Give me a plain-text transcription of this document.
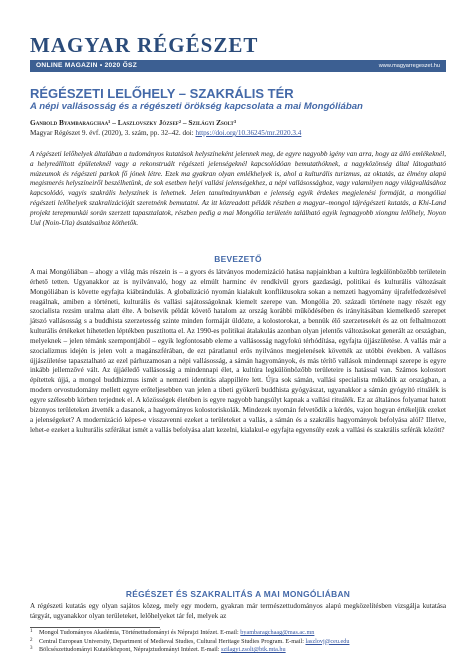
MAGYAR RÉGÉSZET
ONLINE MAGAZIN • 2020 ŐSZ	www.magyarregeszet.hu
RÉGÉSZETI LELŐHELY – SZAKRÁLIS TÉR
A népi vallásosság és a régészeti örökség kapcsolata a mai Mongóliában
Ganbold Byambaragchaa¹ – Laszlovszky József² – Szilágyi Zsolt³
Magyar Régészet 9. évf. (2020), 3. szám, pp. 32–42. doi: https://doi.org/10.36245/mr.2020.3.4

A régészeti lelőhelyek általában a tudományos kutatások helyszíneként jelennek meg, de egyre nagyobb igény van arra, hogy az álló emlékeknél, a helyreállított épületeknél vagy a rekonstruált régészeti jelenségeknél kapcsolódóan bemutathóknek, a nagyközönség által látogatható múzeumok és régészeti parkok fő jónek létre. Ezek ma gyakran olyan emlékhelyek is, ahol a kulturális turizmus, az oktatás, az élmény alapú megismerés helyszíneiről beszélhetünk, de sok esetben helyi vallási jelenségekhez, a népi vallásossághoz, vagy valamilyen nagy világvallásához kapcsolódó, vagyis szakrális helyszínek is lehetnek. Jelen tanulmányunkban e jelenség egyik érdekes megjelenési formáját, a mongóliai régészeti lelőhelyek szakralizációját szeretnénk bemutatni. Az itt közreadott példák részben a magyar–mongol tájrégészeti kutatás, a Khi-Land projekt terepmunkái során szerzett tapasztalatok, részben pedig a mai Mongólia területén található egyik legnagyobb xiongnu lelőhely, Noyon Uul (Noin-Ula) ásatásaihoz köthetők.

BEVEZETŐ

A mai Mongóliában – ahogy a világ más részein is – a gyors és látványos modernizáció hatása napjainkban a kultúra legkülönbözőbb területein érhető tetten. Ugyanakkor az is nyilvánvaló, hogy az elmúlt harminc év rendkívül gyors gazdasági, politikai és kulturális változásait Mongóliában is követte egyfajta kiábrándulás. A globalizáció nyomán kialakult konfliktusokra sokan a nemzeti hagyomány újrafelfedezésével reagálnak, amiben a történeti, kulturális és vallási sajátosságoknak kiemelt szerepe van. Mongólia 20. századi története nagy részét egy szocialista rezsim uralma alatt élte. A bolsevik példát követő hatalom az ország korábbi működésében és irányításában kiemelkedő szerepet játszó vallásosság s a buddhista szerzetesség szinte minden formáját üldözte, a kolostorokat, a bennük élő szerzetesekét és az ott felhalmozott kulturális értékeket hihetetlen léptékben pusztította el. Az 1990-es politikai átalakulás azonban olyan jelentős változásokat generált az országban, melyeknek – jelen témánk szempontjából – egyik legfontosabb eleme a vallásosság nagyfokú térhódítása, egyfajta újjászületése. A vallás már a szocializmus idején is jelen volt a magánszférában, de ezt páratlanul erős nyilvános megjelenések követték az utóbbi években. A vallásos újjászületése tapasztalható az ezel párhuzamosan a népi vallásosság, a sámán hagyományok, és más térítő vallások mindennapi szerepe is egyre inkább jellemzővé vált. Az újjáéledő vallásosság a mindennapi élet, a kultúra legkülönbözőbb területeire is hatással van. Számos kolostort építettek újjá, a mongol buddhizmus ismét a nemzeti identitás alappillére lett. Újra sok sámán, vallási specialista működik az országban, a modern orvostudomány mellett egyre erőteljesebben van jelen a tibeti gyökerű buddhista gyógyászat, ugyanakkor a sámán gyógyító rituálék is egyre szélesebb körben terjednek el. A közösségek életében is egyre nagyobb hangsúlyt kapnak a vallási rituálék. Ez az általános folyamat hatott bizonyos területeken átvették a dasanok, a hagyományos kolostoriskolák. Mindezek nyomán felvetődik a kérdés, vajon hogyan értékeljük ezeket a jelenségeket? A modernizáció képes-e visszavenni ezeket a területeket a vallás, a sámán és a szakrális hagyományok befolyása alól? Illetve, lehet-e ezeket a kulturális szférákat ismét a vallás befolyása alatt kezelni, kialakul-e egyfajta egyensúly ezek a vallási és szakrális szférák között?

RÉGÉSZET ÉS SZAKRALITÁS A MAI MONGÓLIÁBAN

A régészeti kutatás egy olyan sajátos közeg, mely egy modern, gyakran már természettudományos alapú megközelítésben vizsgálja kutatása tárgyát, ugyanakkor olyan területeket, lelőhelyeket tár fel, melyek az

1 Mongol Tudományos Akadémia, Történettudományi és Néprajzi Intézet. E-mail: byambaragchaag@mas.ac.mn
2 Central European University, Department of Medieval Studies, Cultural Heritage Studies Program. E-mail: laszlovj@ceu.edu
3 Bölcsészettudományi Kutatóközpont, Néprajztudományi Intézet. E-mail: szilagyi.zsolt@btk.mta.hu
